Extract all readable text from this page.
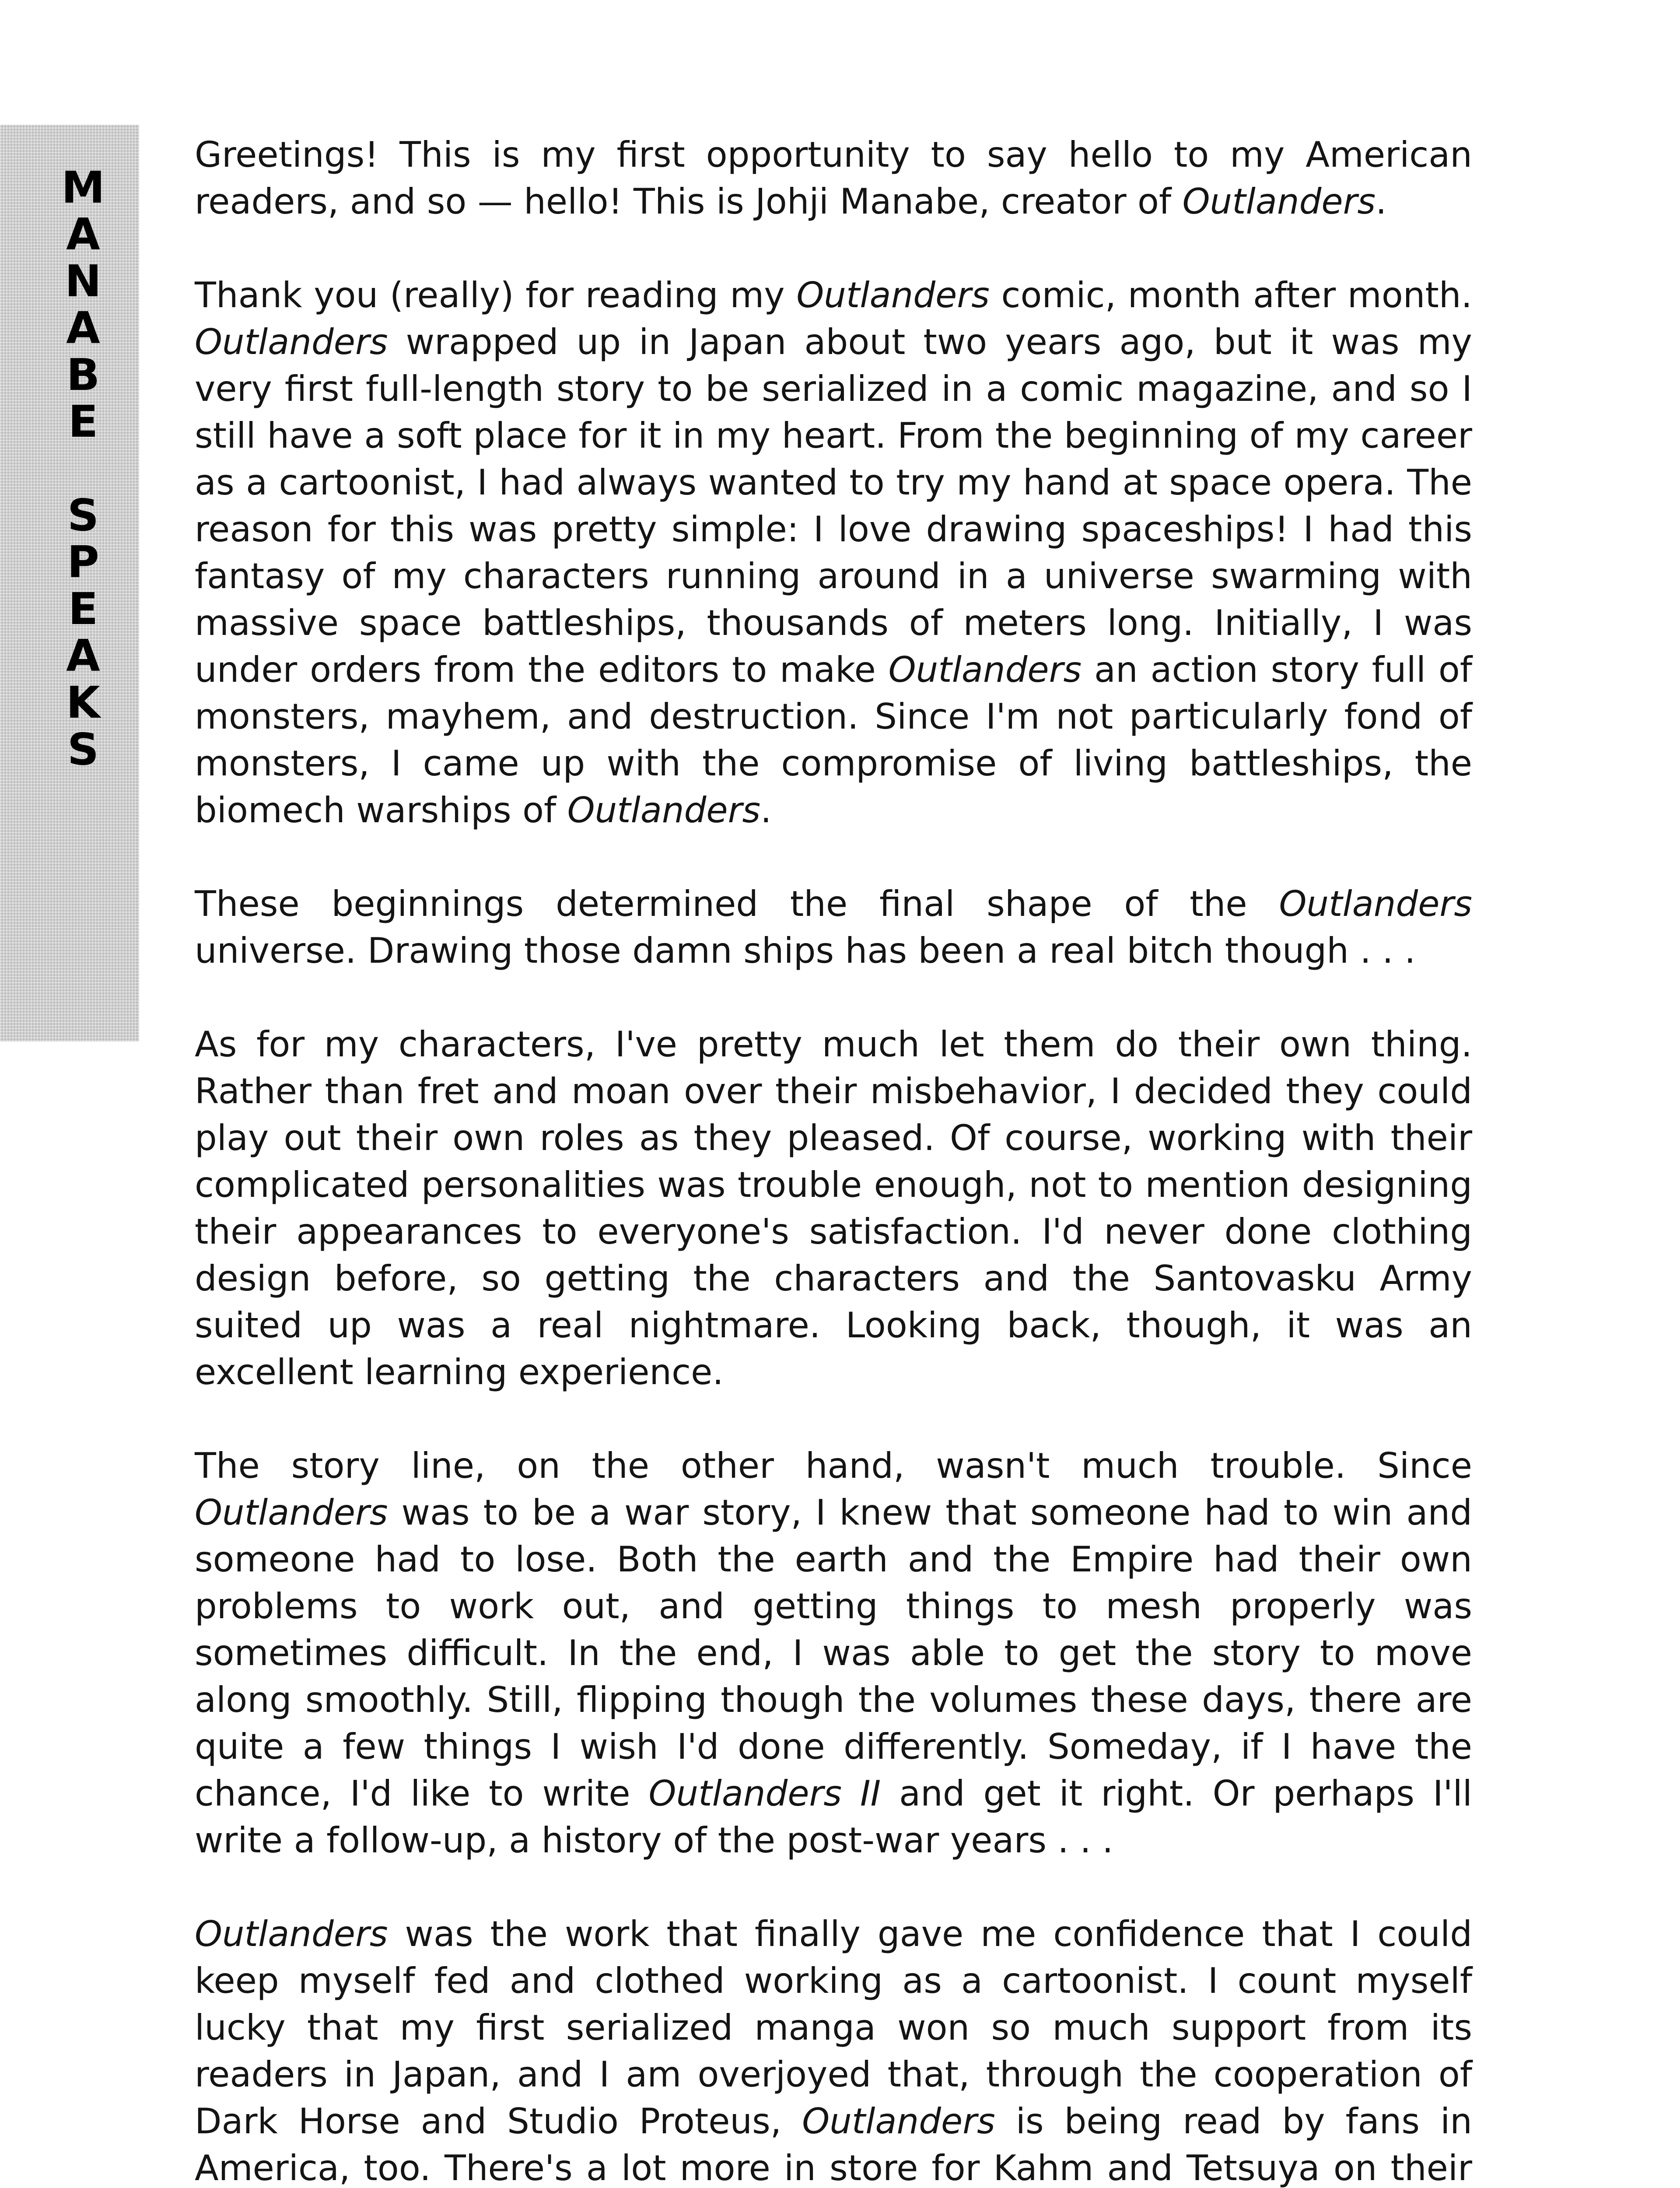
M
A
N
A
B
E
S
P
E
A
K
S

Greetings! This is my first opportunity to say hello to my American readers, and so — hello! This is Johji Manabe, creator of Outlanders.

Thank you (really) for reading my Outlanders comic, month after month. Outlanders wrapped up in Japan about two years ago, but it was my very first full-length story to be serialized in a comic magazine, and so I still have a soft place for it in my heart. From the beginning of my career as a cartoonist, I had always wanted to try my hand at space opera. The reason for this was pretty simple: I love drawing spaceships! I had this fantasy of my characters running around in a universe swarming with massive space battleships, thousands of meters long. Initially, I was under orders from the editors to make Outlanders an action story full of monsters, mayhem, and destruction. Since I'm not particularly fond of monsters, I came up with the compromise of living battleships, the biomech warships of Outlanders.

These beginnings determined the final shape of the Outlanders universe. Drawing those damn ships has been a real bitch though . . .

As for my characters, I've pretty much let them do their own thing. Rather than fret and moan over their misbehavior, I decided they could play out their own roles as they pleased. Of course, working with their complicated personalities was trouble enough, not to mention designing their appearances to everyone's satisfaction. I'd never done clothing design before, so getting the characters and the Santovasku Army suited up was a real nightmare. Looking back, though, it was an excellent learning experience.

The story line, on the other hand, wasn't much trouble. Since Outlanders was to be a war story, I knew that someone had to win and someone had to lose. Both the earth and the Empire had their own problems to work out, and getting things to mesh properly was sometimes difficult. In the end, I was able to get the story to move along smoothly. Still, flipping though the volumes these days, there are quite a few things I wish I'd done differently. Someday, if I have the chance, I'd like to write Outlanders II and get it right. Or perhaps I'll write a follow-up, a history of the post-war years . . .

Outlanders was the work that finally gave me confidence that I could keep myself fed and clothed working as a cartoonist. I count myself lucky that my first serialized manga won so much support from its readers in Japan, and I am overjoyed that, through the cooperation of Dark Horse and Studio Proteus, Outlanders is being read by fans in America, too. There's a lot more in store for Kahm and Tetsuya on their
